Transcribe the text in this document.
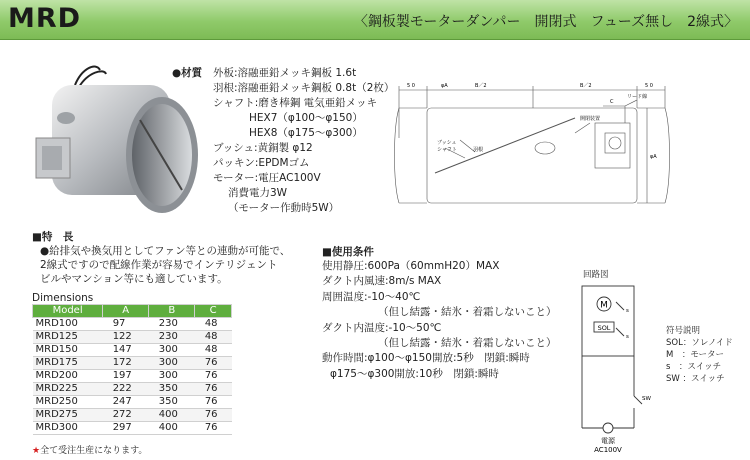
MRD	〈鋼板製モーターダンパー　開閉式　フューズ無し　2線式〉
●材質 外板:溶融亜鉛メッキ鋼板 1.6t
羽根:溶融亜鉛メッキ鋼板 0.8t（2枚）
シャフト:磨き棒鋼 電気亜鉛メッキ
HEX7（φ100〜φ150）
HEX8（φ175〜φ300）
ブッシュ:黄銅製 φ12
パッキン:EPDMゴム
モーター:電圧AC100V
消費電力3W
（モーター作動時5W）
φA	B／2	B／2
5 0	5 0
C
φA
リード線
開閉装置
ブッシュ
シャフト	羽根
■特　長
●給排気や換気用としてファン等との連動が可能で、
2線式ですので配線作業が容易でインテリジェント
ビルやマンション等にも適しています。
Dimensions
Model	A	B	C
MRD100	97	230	48
MRD125	122	230	48
MRD150	147	300	48
MRD175	172	300	76
MRD200	197	300	76
MRD225	222	350	76
MRD250	247	350	76
MRD275	272	400	76
MRD300	297	400	76
★全て受注生産になります。
■使用条件
使用静圧:600Pa（60mmH20）MAX
ダクト内風速:8m/s MAX
周囲温度:-10〜40℃
（但し結露・結氷・着霜しないこと）
ダクト内温度:-10〜50℃
（但し結露・結氷・着霜しないこと）
動作時間:φ100〜φ150開放:5秒　閉鎖:瞬時
φ175〜φ300開放:10秒　閉鎖:瞬時
回路図
M
SOL
s
s
SW
電源
AC100V
符号説明
SOL：ソレノイド
M　：モーター
s　：スイッチ
SW ：スイッチ
